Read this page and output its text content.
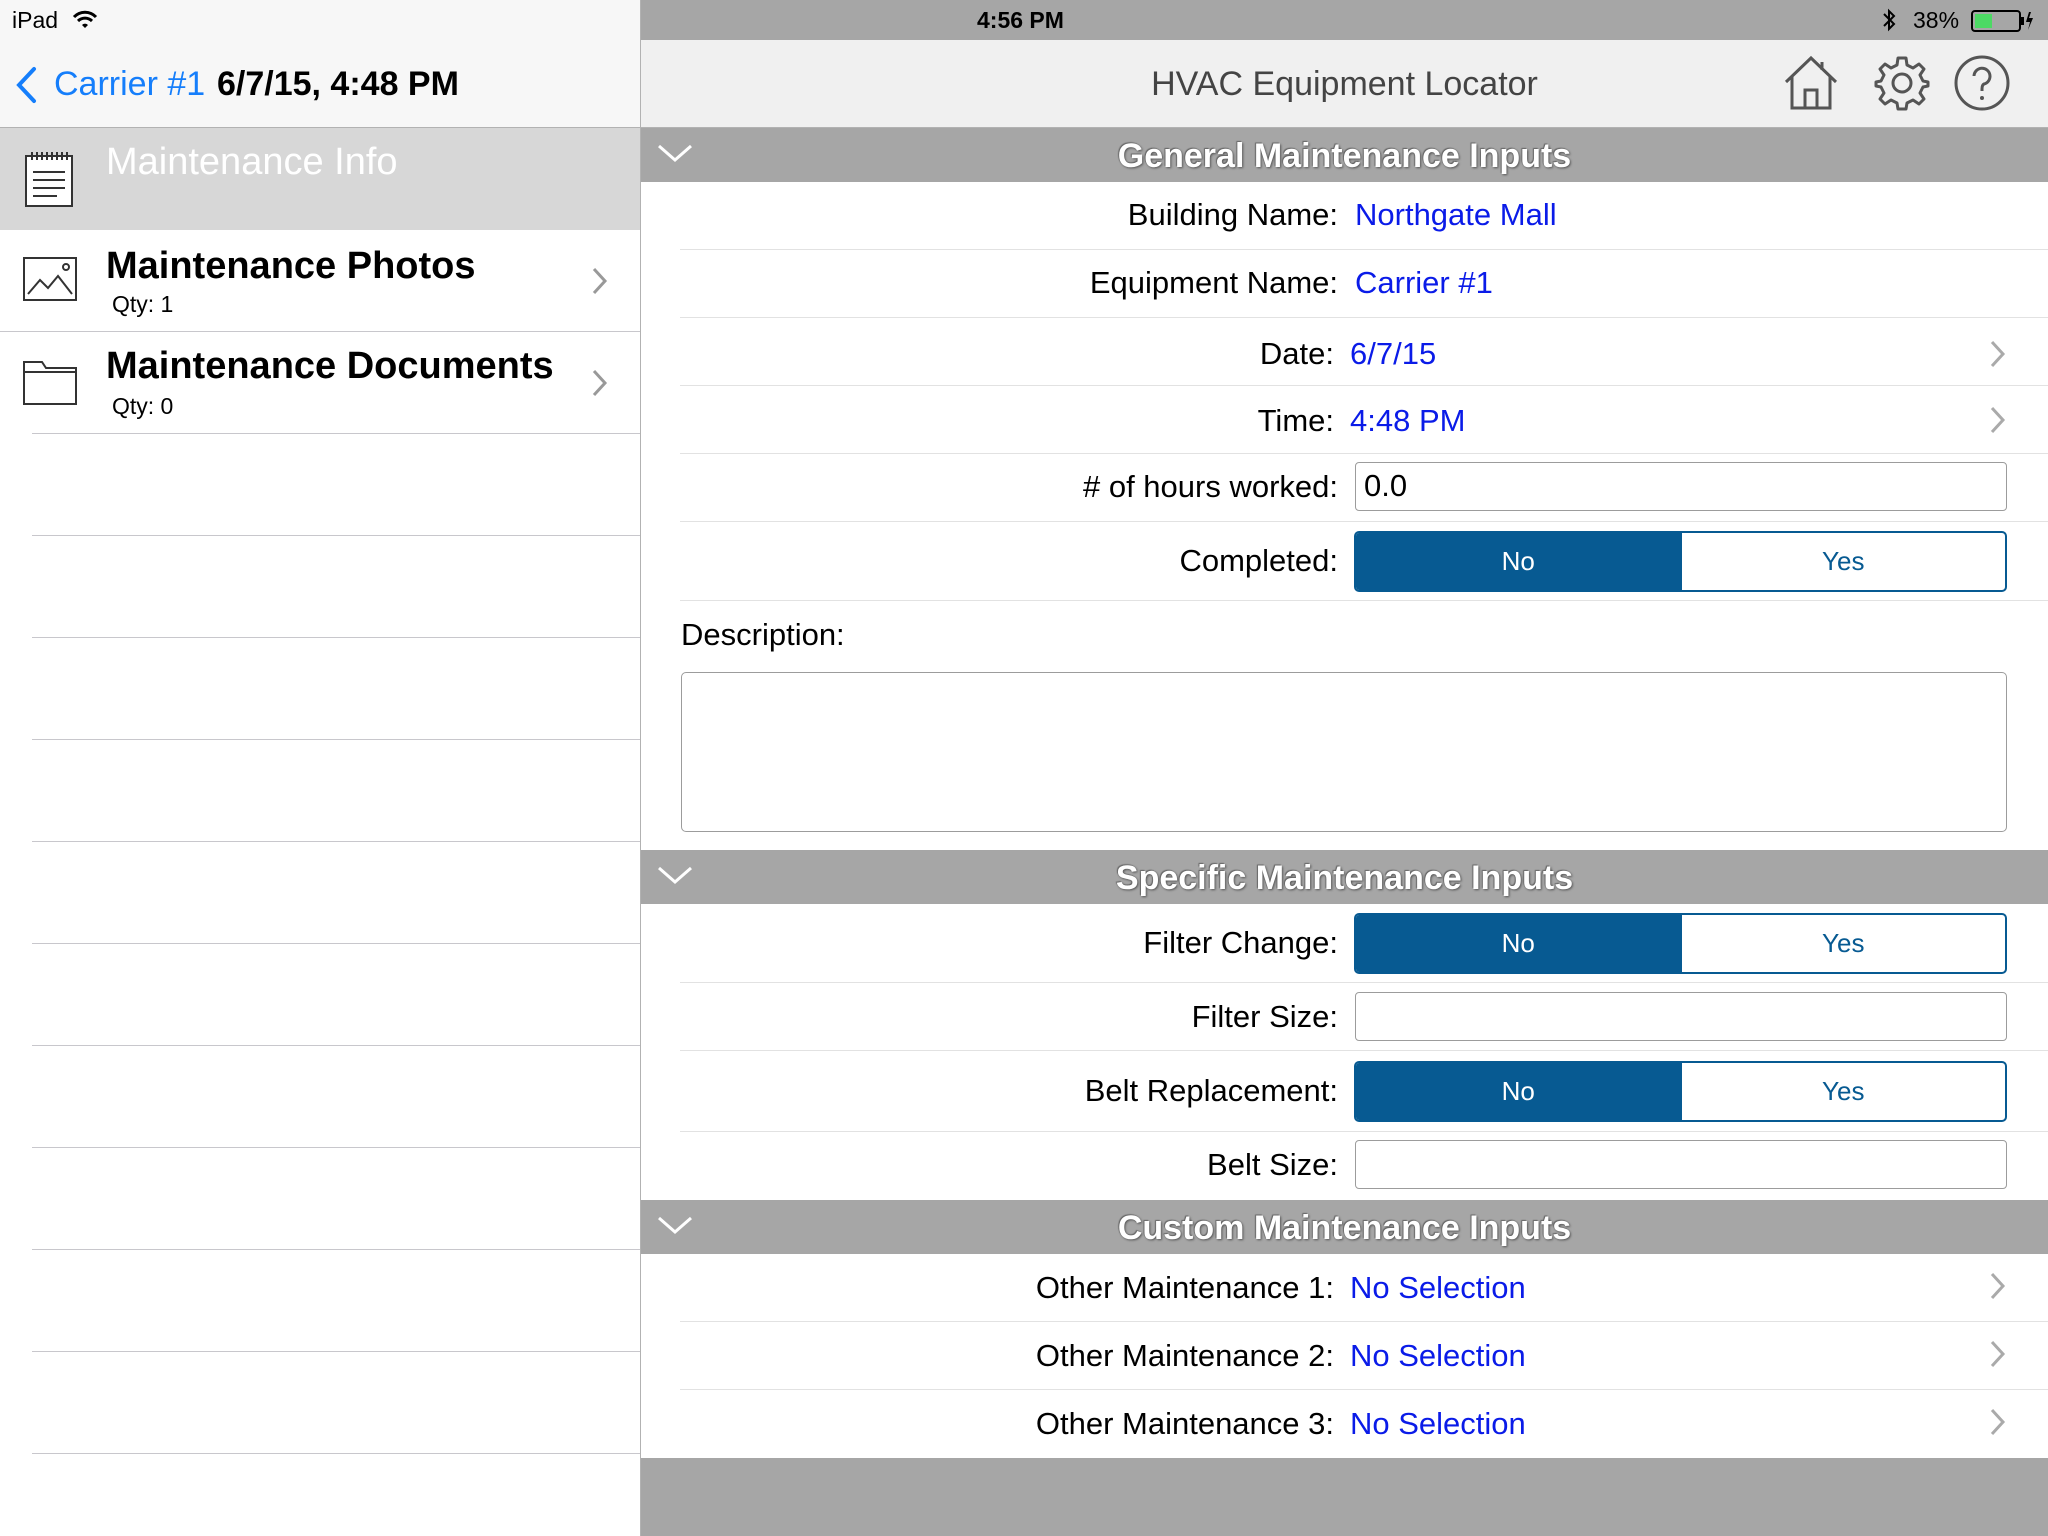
iPad	4:56 PM	38%
Carrier #1 6/7/15, 4:48 PM
Maintenance Info
Maintenance Photos
Qty: 1
Maintenance Documents
Qty: 0
HVAC Equipment Locator
General Maintenance Inputs
Building Name: Northgate Mall
Equipment Name: Carrier #1
Date: 6/7/15
Time: 4:48 PM
# of hours worked: 0.0
Completed:	No	Yes
Description:
Specific Maintenance Inputs
Filter Change:	No	Yes
Filter Size:
Belt Replacement:	No	Yes
Belt Size:
Custom Maintenance Inputs
Other Maintenance 1: No Selection
Other Maintenance 2: No Selection
Other Maintenance 3: No Selection
